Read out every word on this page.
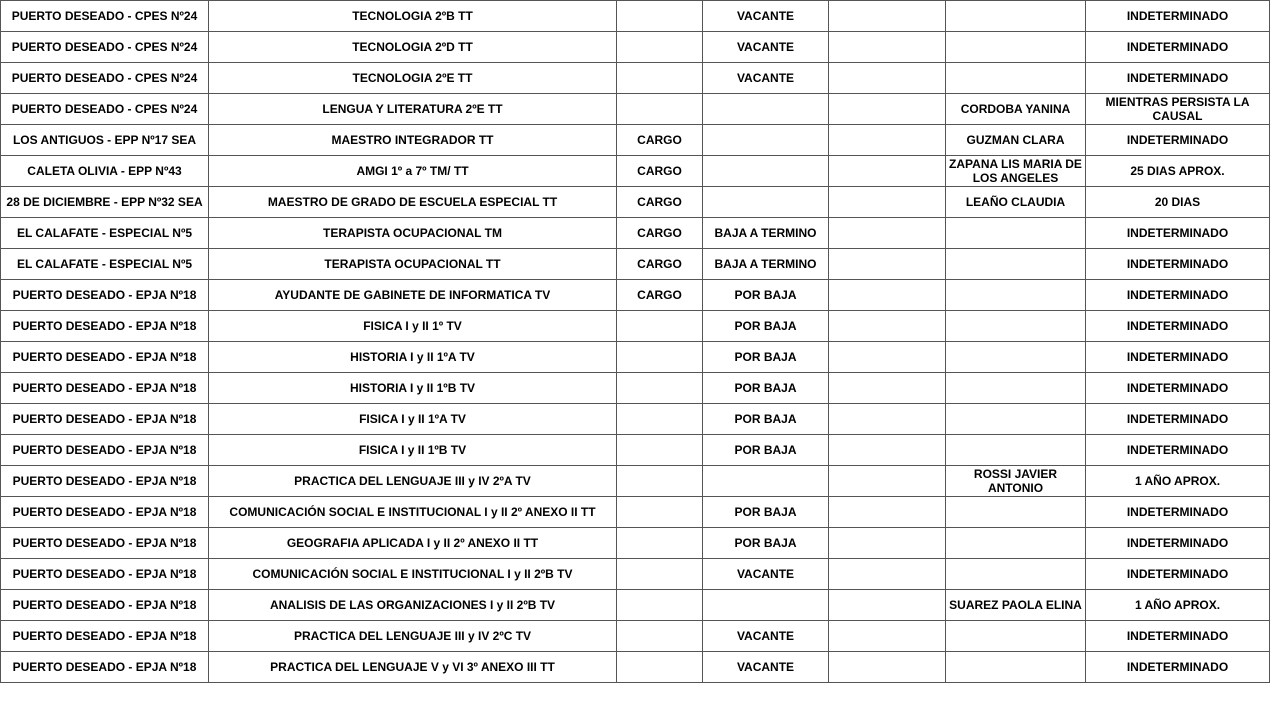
PUERTO DESEADO - CPES Nº24	TECNOLOGIA 2ºB TT		VACANTE			INDETERMINADO
PUERTO DESEADO - CPES Nº24	TECNOLOGIA 2ºD TT		VACANTE			INDETERMINADO
PUERTO DESEADO - CPES Nº24	TECNOLOGIA 2ºE TT		VACANTE			INDETERMINADO
PUERTO DESEADO - CPES Nº24	LENGUA Y LITERATURA 2ºE TT				CORDOBA YANINA	MIENTRAS PERSISTA LA CAUSAL
LOS ANTIGUOS - EPP Nº17 SEA	MAESTRO INTEGRADOR TT	CARGO			GUZMAN CLARA	INDETERMINADO
CALETA OLIVIA - EPP Nº43	AMGI 1º a 7º TM/ TT	CARGO			ZAPANA LIS MARIA DE LOS ANGELES	25 DIAS APROX.
28 DE DICIEMBRE - EPP Nº32 SEA	MAESTRO DE GRADO DE ESCUELA ESPECIAL TT	CARGO			LEAÑO CLAUDIA	20 DIAS
EL CALAFATE - ESPECIAL Nº5	TERAPISTA OCUPACIONAL TM	CARGO	BAJA A TERMINO			INDETERMINADO
EL CALAFATE - ESPECIAL Nº5	TERAPISTA OCUPACIONAL TT	CARGO	BAJA A TERMINO			INDETERMINADO
PUERTO DESEADO - EPJA Nº18	AYUDANTE DE GABINETE DE INFORMATICA TV	CARGO	POR BAJA			INDETERMINADO
PUERTO DESEADO - EPJA Nº18	FISICA I y II 1º TV		POR BAJA			INDETERMINADO
PUERTO DESEADO - EPJA Nº18	HISTORIA I y II 1ºA TV		POR BAJA			INDETERMINADO
PUERTO DESEADO - EPJA Nº18	HISTORIA I y II 1ºB TV		POR BAJA			INDETERMINADO
PUERTO DESEADO - EPJA Nº18	FISICA I y II 1ºA TV		POR BAJA			INDETERMINADO
PUERTO DESEADO - EPJA Nº18	FISICA I y II 1ºB TV		POR BAJA			INDETERMINADO
PUERTO DESEADO - EPJA Nº18	PRACTICA DEL LENGUAJE III y IV 2ºA TV				ROSSI JAVIER ANTONIO	1 AÑO APROX.
PUERTO DESEADO - EPJA Nº18	COMUNICACIÓN SOCIAL E INSTITUCIONAL I y II 2º ANEXO II TT		POR BAJA			INDETERMINADO
PUERTO DESEADO - EPJA Nº18	GEOGRAFIA APLICADA I y II 2º ANEXO II TT		POR BAJA			INDETERMINADO
PUERTO DESEADO - EPJA Nº18	COMUNICACIÓN SOCIAL E INSTITUCIONAL I y II 2ºB TV		VACANTE			INDETERMINADO
PUERTO DESEADO - EPJA Nº18	ANALISIS DE LAS ORGANIZACIONES I y II 2ºB TV				SUAREZ PAOLA ELINA	1 AÑO APROX.
PUERTO DESEADO - EPJA Nº18	PRACTICA DEL LENGUAJE III y IV 2ºC TV		VACANTE			INDETERMINADO
PUERTO DESEADO - EPJA Nº18	PRACTICA DEL LENGUAJE V y VI 3º ANEXO III TT		VACANTE			INDETERMINADO
